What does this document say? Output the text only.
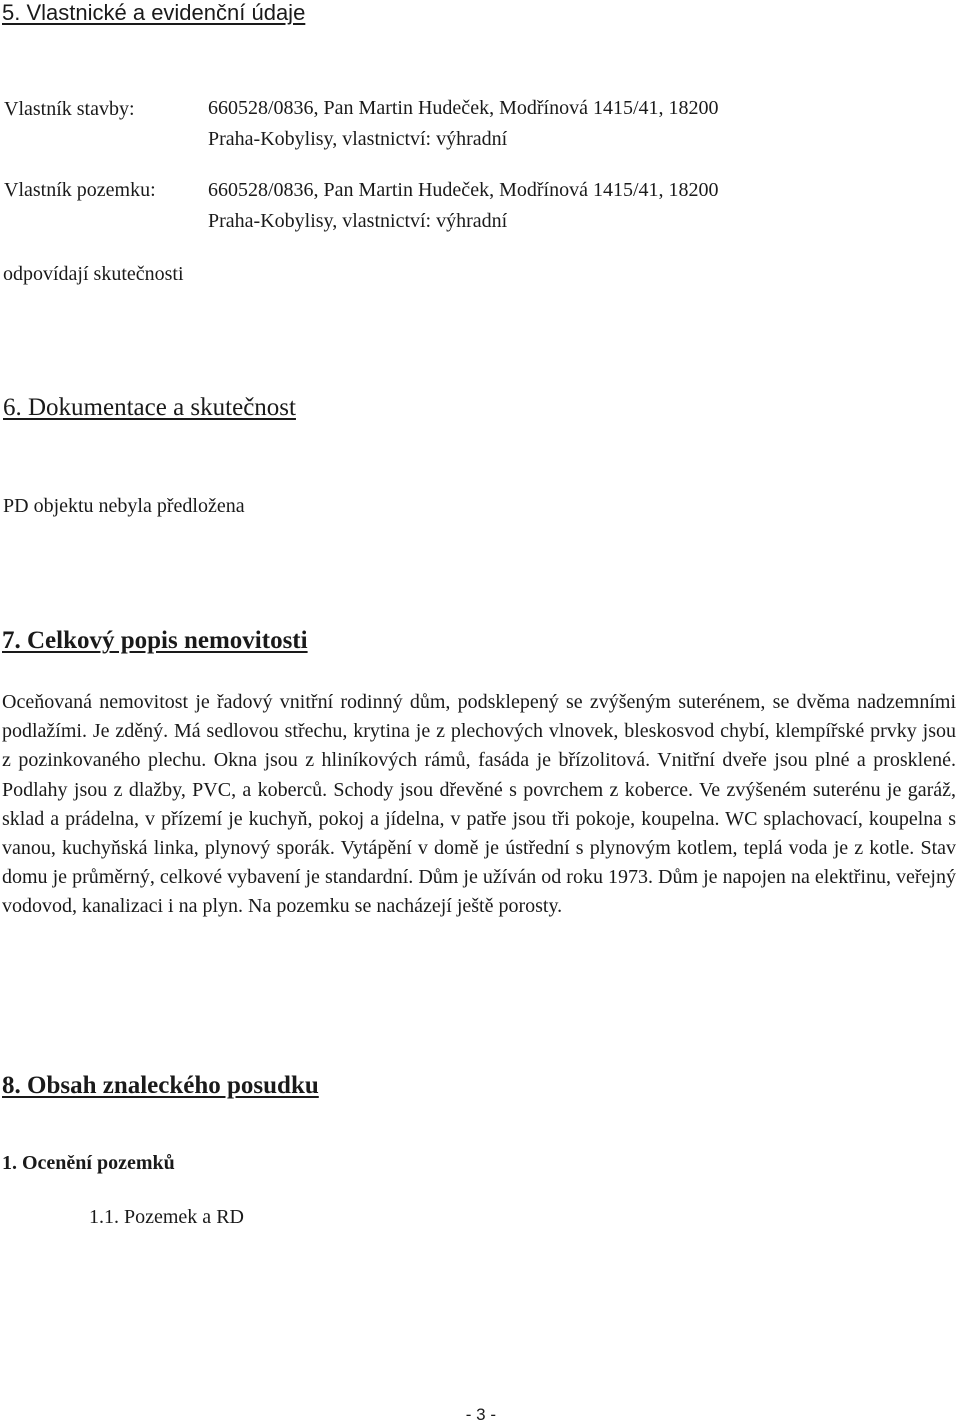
5. Vlastnické a evidenční údaje
Vlastník stavby:	660528/0836, Pan Martin Hudeček, Modřínová 1415/41, 18200
Praha-Kobylisy, vlastnictví: výhradní
Vlastník pozemku:	660528/0836, Pan Martin Hudeček, Modřínová 1415/41, 18200
Praha-Kobylisy, vlastnictví: výhradní
odpovídají skutečnosti
6. Dokumentace a skutečnost
PD objektu nebyla předložena
7. Celkový popis nemovitosti

Oceňovaná nemovitost je řadový vnitřní rodinný dům, podsklepený se zvýšeným suterénem, se dvěma nadzemními podlažími. Je zděný. Má sedlovou střechu, krytina je z plechových vlnovek, bleskosvod chybí, klempířské prvky jsou z pozinkovaného plechu. Okna jsou z hliníkových rámů, fasáda je břízolitová. Vnitřní dveře jsou plné a prosklené. Podlahy jsou z dlažby, PVC, a koberců. Schody jsou dřevěné s povrchem z koberce. Ve zvýšeném suterénu je garáž, sklad a prádelna, v přízemí je kuchyň, pokoj a jídelna, v patře jsou tři pokoje, koupelna. WC splachovací, koupelna s vanou, kuchyňská linka, plynový sporák. Vytápění v domě je ústřední s plynovým kotlem, teplá voda je z kotle. Stav domu je průměrný, celkové vybavení je standardní. Dům je užíván od roku 1973. Dům je napojen na elektřinu, veřejný vodovod, kanalizaci i na plyn. Na pozemku se nacházejí ještě porosty.

8. Obsah znaleckého posudku
1. Ocenění pozemků
1.1. Pozemek a RD
- 3 -
